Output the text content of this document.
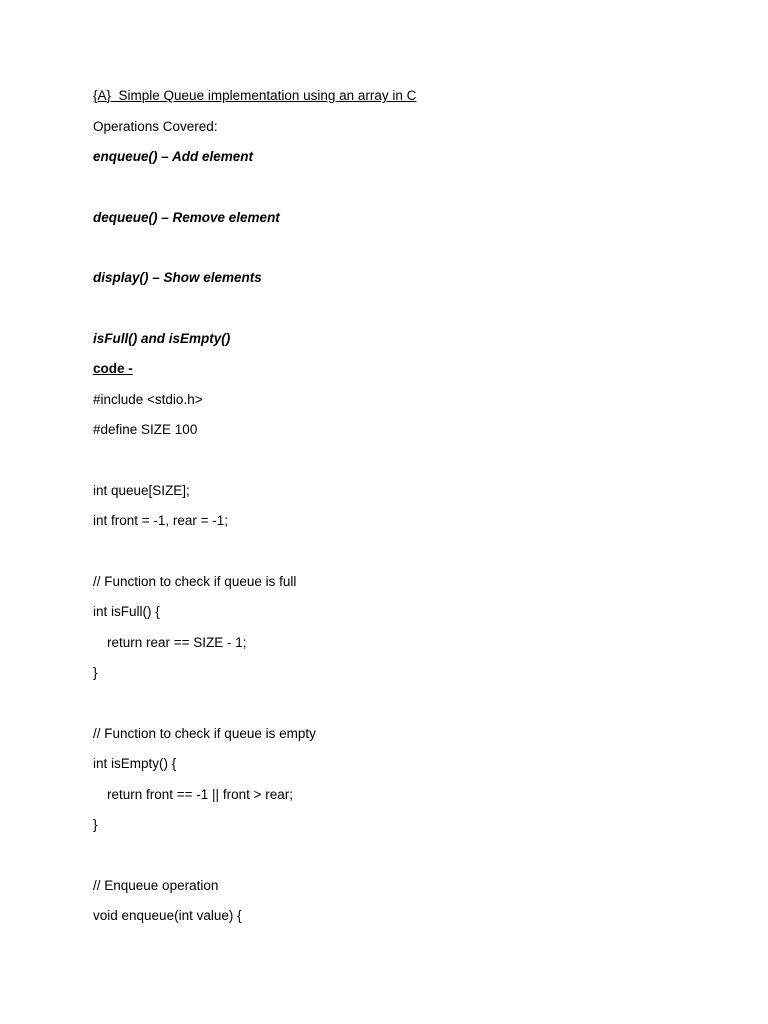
{A}  Simple Queue implementation using an array in C
Operations Covered:
enqueue() – Add element
dequeue() – Remove element
display() – Show elements
isFull() and isEmpty()
code -
#include <stdio.h>
#define SIZE 100
int queue[SIZE];
int front = -1, rear = -1;
// Function to check if queue is full
int isFull() {
return rear == SIZE - 1;
}
// Function to check if queue is empty
int isEmpty() {
return front == -1 || front > rear;
}
// Enqueue operation
void enqueue(int value) {
